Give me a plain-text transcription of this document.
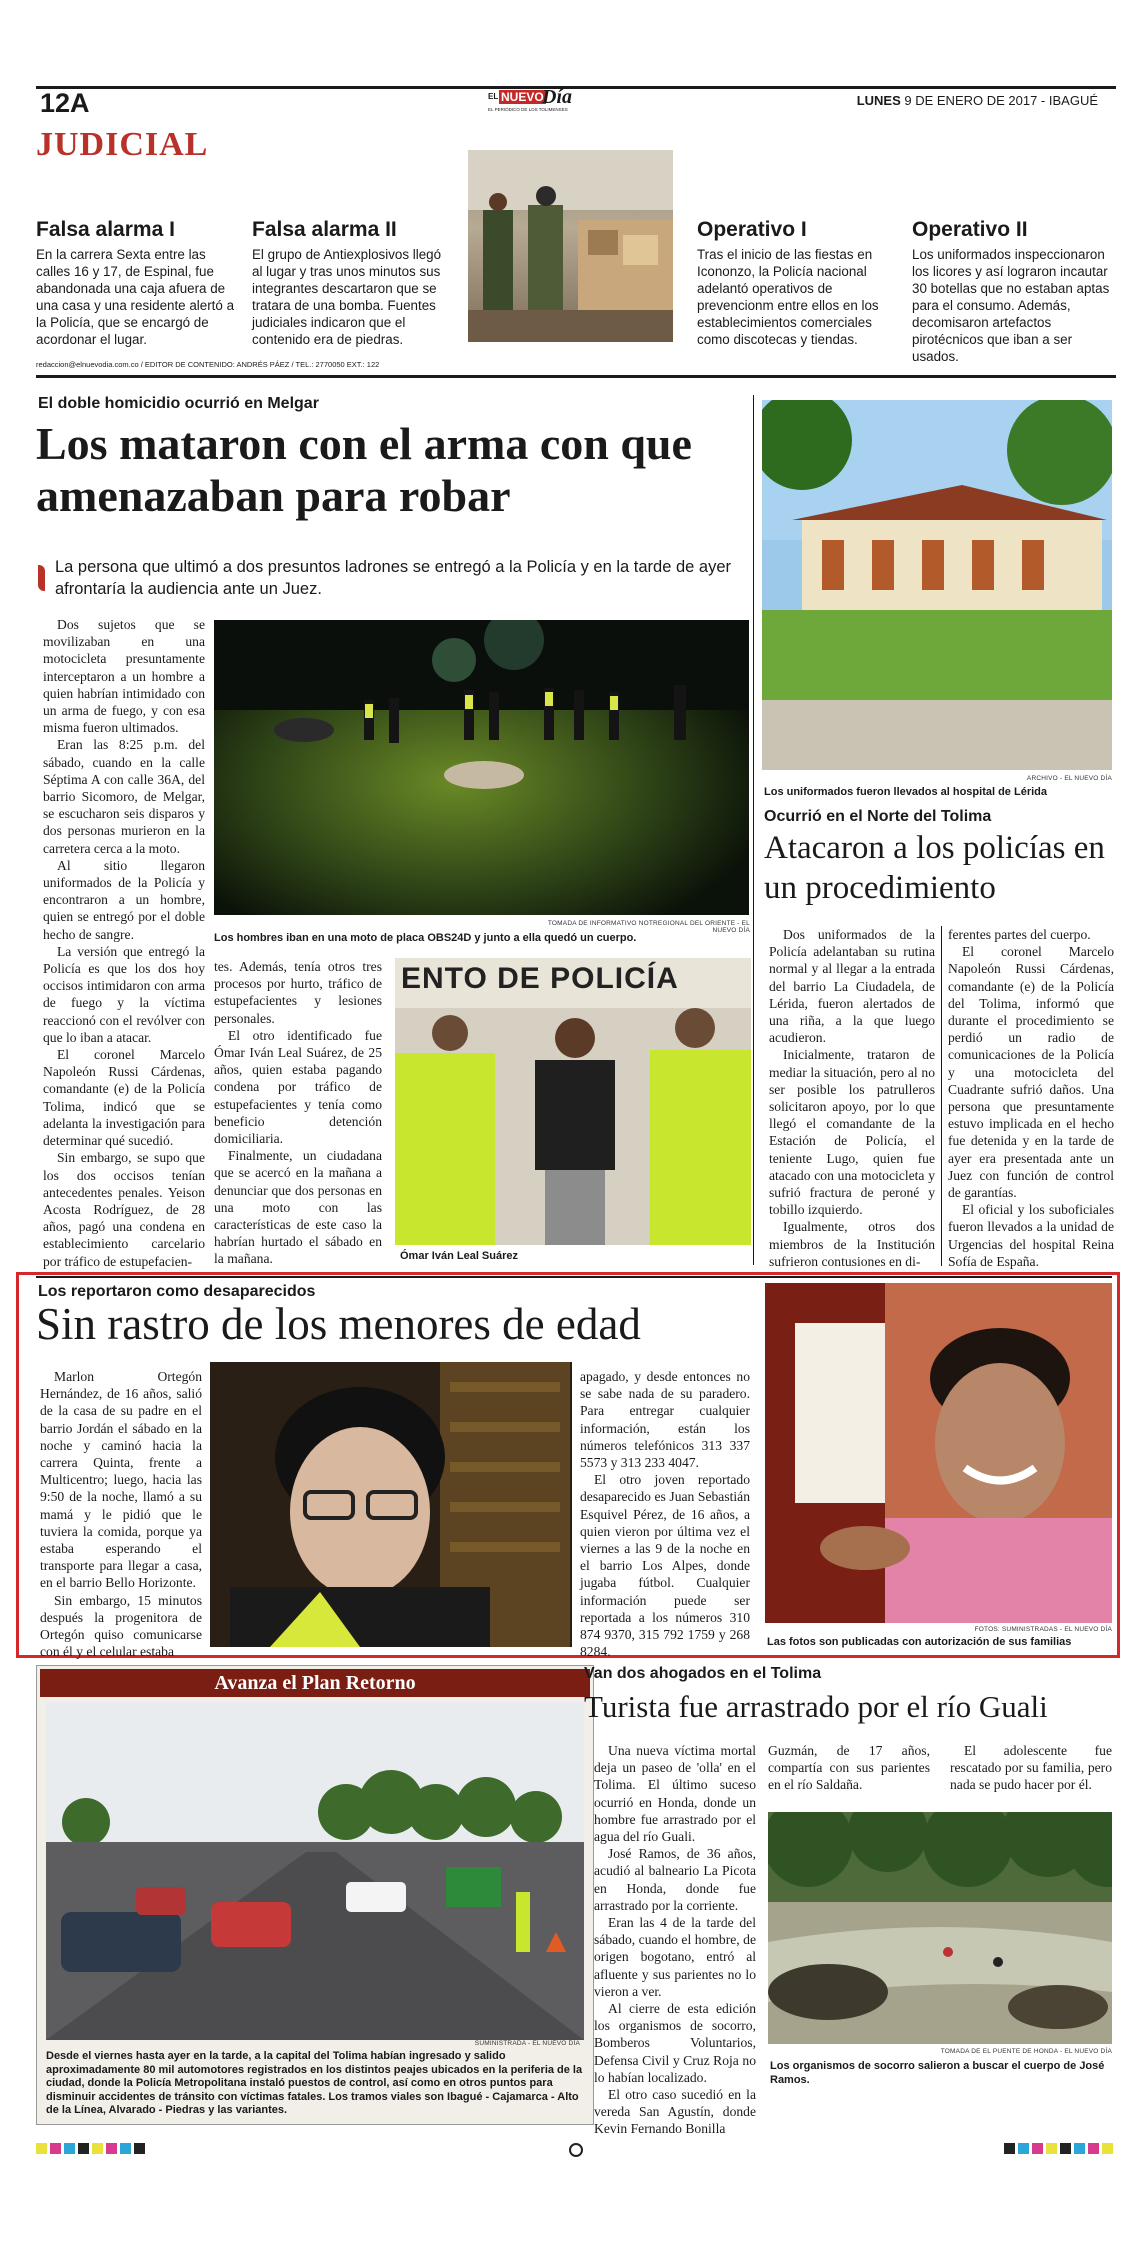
12A	EL NUEVO
Día
EL PERIÓDICO DE LOS TOLIMENSES
LUNES 9 DE ENERO DE 2017 - IBAGUÉ
JUDICIAL
Falsa alarma I
En la carrera Sexta entre las calles 16 y 17, de Espinal, fue abandonada una caja afuera de una casa y una residente alertó a la Policía, que se encargó de acordonar el lugar.
Falsa alarma II
El grupo de Antiexplosivos llegó al lugar y tras unos minutos sus integrantes descartaron que se tratara de una bomba. Fuentes judiciales indicaron que el contenido era de piedras.
Operativo I
Tras el inicio de las fiestas en Icononzo, la Policía nacional adelantó operativos de prevencionm entre ellos en los establecimientos comerciales como discotecas y tiendas.
Operativo II
Los uniformados inspeccionaron los licores y así lograron incautar 30 botellas que no estaban aptas para el consumo. Además, decomisaron artefactos pirotécnicos que iban a ser usados.
redaccion@elnuevodia.com.co / EDITOR DE CONTENIDO: ANDRÉS PÁEZ / TEL.: 2770050 EXT.: 122
El doble homicidio ocurrió en Melgar
Los mataron con el arma con que amenazaban para robar
La persona que ultimó a dos presuntos ladrones se entregó a la Policía y en la tarde de ayer afrontaría la audiencia ante un Juez.

Dos sujetos que se movilizaban en una motocicleta presuntamente interceptaron a un hombre a quien habrían intimidado con un arma de fuego, y con esa misma fueron ultimados.

Eran las 8:25 p.m. del sábado, cuando en la calle Séptima A con calle 36A, del barrio Sicomoro, de Melgar, se escucharon seis disparos y dos personas murieron en la carretera cerca a la moto.

Al sitio llegaron uniformados de la Policía y encontraron a un hombre, quien se entregó por el doble hecho de sangre.

La versión que entregó la Policía es que los dos hoy occisos intimidaron con arma de fuego y la víctima reaccionó con el revólver con que lo iban a atacar.

El coronel Marcelo Napoleón Russi Cárdenas, comandante (e) de la Policía Tolima, indicó que se adelanta la investigación para determinar qué sucedió.

Sin embargo, se supo que los dos occisos tenían antecedentes penales. Yeison Acosta Rodríguez, de 28 años, pagó una condena en establecimiento carcelario por tráfico de estupefacien-

TOMADA DE INFORMATIVO NOTREGIONAL DEL ORIENTE - EL NUEVO DÍA
Los hombres iban en una moto de placa OBS24D y junto a ella quedó un cuerpo.

tes. Además, tenía otros tres procesos por hurto, tráfico de estupefacientes y lesiones personales.

El otro identificado fue Ómar Iván Leal Suárez, de 25 años, quien estaba pagando condena por tráfico de estupefacientes y tenía como beneficio detención domiciliaria.

Finalmente, un ciudadana que se acercó en la mañana a denunciar que dos personas en una moto con las características de este caso la habrían hurtado el sábado en la mañana.

ENTO DE POLICÍA
Ómar Iván Leal Suárez
ARCHIVO - EL NUEVO DÍA
Los uniformados fueron llevados al hospital de Lérida
Ocurrió en el Norte del Tolima
Atacaron a los policías en un procedimiento

Dos uniformados de la Policía adelantaban su rutina normal y al llegar a la entrada del barrio La Ciudadela, de Lérida, fueron alertados de una riña, a la que luego acudieron.

Inicialmente, trataron de mediar la situación, pero al no ser posible los patrulleros solicitaron apoyo, por lo que llegó el comandante de la Estación de Policía, el teniente Lugo, quien fue atacado con una motocicleta y sufrió fractura de peroné y tobillo izquierdo.

Igualmente, otros dos miembros de la Institución sufrieron contusiones en di-

ferentes partes del cuerpo.

El coronel Marcelo Napoleón Russi Cárdenas, comandante (e) de la Policía del Tolima, informó que durante el procedimiento se perdió un radio de comunicaciones de la Policía y una motocicleta del Cuadrante sufrió daños. Una persona que presuntamente estuvo implicada en el hecho fue detenida y en la tarde de ayer era presentada ante un Juez con función de control de garantías.

El oficial y los suboficiales fueron llevados a la unidad de Urgencias del hospital Reina Sofía de España.

Los reportaron como desaparecidos
Sin rastro de los menores de edad

Marlon Ortegón Hernández, de 16 años, salió de la casa de su padre en el barrio Jordán el sábado en la noche y caminó hacia la carrera Quinta, frente a Multicentro; luego, hacia las 9:50 de la noche, llamó a su mamá y le pidió que le tuviera la comida, porque ya estaba esperando el transporte para llegar a casa, en el barrio Bello Horizonte.

Sin embargo, 15 minutos después la progenitora de Ortegón quiso comunicarse con él y el celular estaba

apagado, y desde entonces no se sabe nada de su paradero. Para entregar cualquier información, están los números telefónicos 313 337 5573 y 313 233 4047.

El otro joven reportado desaparecido es Juan Sebastián Esquivel Pérez, de 16 años, a quien vieron por última vez el viernes a las 9 de la noche en el barrio Los Alpes, donde jugaba fútbol. Cualquier información puede ser reportada a los números 310 874 9370, 315 792 1759 y 268 8284.

FOTOS: SUMINISTRADAS - EL NUEVO DÍA
Las fotos son publicadas con autorización de sus familias
Avanza el Plan Retorno
SUMINISTRADA - EL NUEVO DÍA
Desde el viernes hasta ayer en la tarde, a la capital del Tolima habían ingresado y salido aproximadamente 80 mil automotores registrados en los distintos peajes ubicados en la periferia de la ciudad, donde la Policía Metropolitana instaló puestos de control, así como en otros puntos para disminuir accidentes de tránsito con víctimas fatales. Los tramos viales son Ibagué - Cajamarca - Alto de la Línea, Alvarado - Piedras y las variantes.
Van dos ahogados en el Tolima
Turista fue arrastrado por el río Guali

Una nueva víctima mortal deja un paseo de 'olla' en el Tolima. El último suceso ocurrió en Honda, donde un hombre fue arrastrado por el agua del río Guali.

José Ramos, de 36 años, acudió al balneario La Picota en Honda, donde fue arrastrado por la corriente.

Eran las 4 de la tarde del sábado, cuando el hombre, de origen bogotano, entró al afluente y sus parientes no lo vieron a ver.

Al cierre de esta edición los organismos de socorro, Bomberos Voluntarios, Defensa Civil y Cruz Roja no lo habían localizado.

El otro caso sucedió en la vereda San Agustín, donde Kevin Fernando Bonilla

Guzmán, de 17 años, compartía con sus parientes en el río Saldaña.

El adolescente fue rescatado por su familia, pero nada se pudo hacer por él.

TOMADA DE EL PUENTE DE HONDA - EL NUEVO DÍA
Los organismos de socorro salieron a buscar el cuerpo de José Ramos.
